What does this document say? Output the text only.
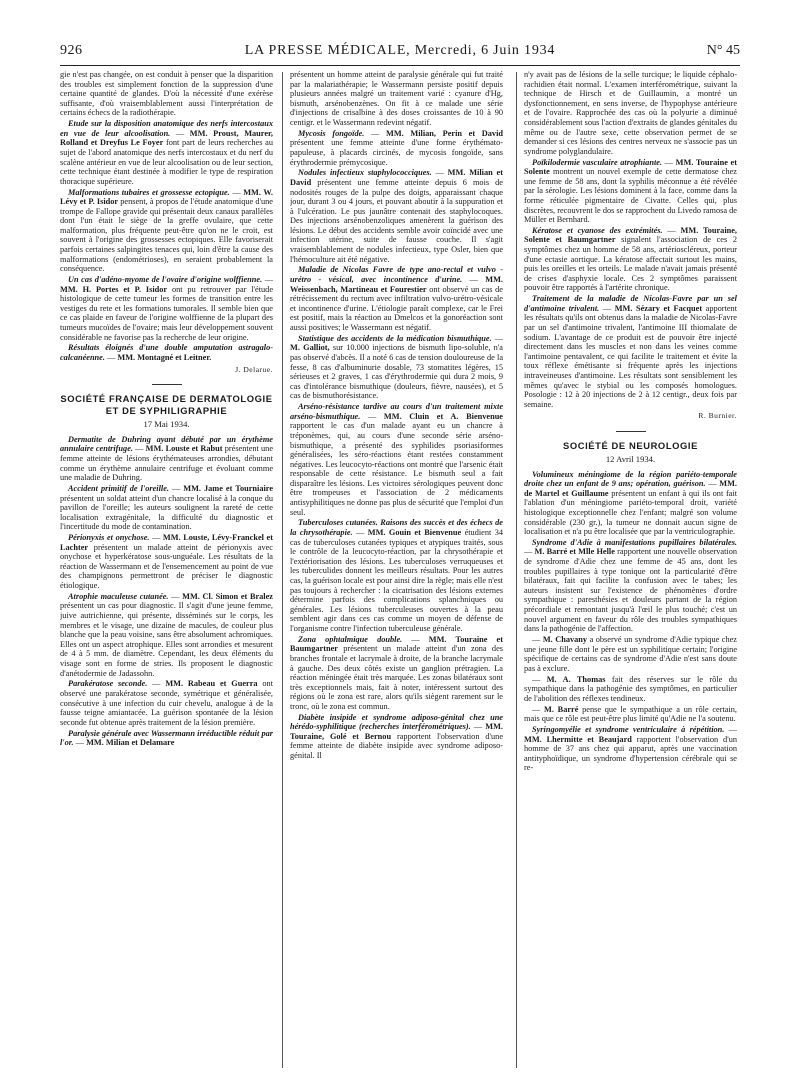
926	LA PRESSE MÉDICALE, Mercredi, 6 Juin 1934	N° 45

gie n'est pas changée, on est conduit à penser que la disparition des troubles est simplement fonction de la suppression d'une certaine quantité de glandes. D'où la nécessité d'une exérèse suffisante, d'où vraisemblablement aussi l'interprétation de certains échecs de la radiothérapie.

Etude sur la disposition anatomique des nerfs intercostaux en vue de leur alcoolisation. — MM. Proust, Maurer, Rolland et Dreyfus Le Foyer font part de leurs recherches au sujet de l'abord anatomique des nerfs intercostaux et du nerf du scalène antérieur en vue de leur alcoolisation ou de leur section, cette technique étant destinée à modifier le type de respiration thoracique supérieure.

Malformations tubaires et grossesse ectopique. — MM. W. Lévy et P. Isidor pensent, à propos de l'étude anatomique d'une trompe de Fallope gravide qui présentait deux canaux parallèles dont l'un était le siège de la greffe ovulaire, que cette malformation, plus fréquente peut-être qu'on ne le croit, est souvent à l'origine des grossesses ectopiques. Elle favoriserait parfois certaines salpingites tenaces qui, loin d'être la cause des malformations (endométrioses), en seraient probablement la conséquence.

Un cas d'adéno-myome de l'ovaire d'origine wolffienne. — MM. H. Portes et P. Isidor ont pu retrouver par l'étude histologique de cette tumeur les formes de transition entre les vestiges du rete et les formations tumorales. Il semble bien que ce cas plaide en faveur de l'origine wolffienne de la plupart des tumeurs mucoïdes de l'ovaire; mais leur développement souvent considérable ne favorise pas la recherche de leur origine.

Résultats éloignés d'une double amputation astragalo-calcanéenne. — MM. Montagné et Leitner.

J. Delarue.

SOCIÉTÉ FRANÇAISE DE DERMATOLOGIE ET DE SYPHILIGRAPHIE
17 Mai 1934.

Dermatite de Duhring ayant débuté par un érythème annulaire centrifuge. — MM. Louste et Rabut présentent une femme atteinte de lésions érythémateuses arrondies, débutant comme un érythème annulaire centrifuge et évoluant comme une maladie de Duhring.

Accident primitif de l'oreille. — MM. Jame et Tourniaire présentent un soldat atteint d'un chancre localisé à la conque du pavillon de l'oreille; les auteurs soulignent la rareté de cette localisation extragénitale, la difficulté du diagnostic et l'incertitude du mode de contamination.

Périonyxis et onychose. — MM. Louste, Lévy-Franckel et Lachter présentent un malade atteint de périonyxis avec onychose et hyperkératose sous-unguéale. Les résultats de la réaction de Wassermann et de l'ensemencement au point de vue des champignons permettront de préciser le diagnostic étiologique.

Atrophie maculeuse cutanée. — MM. Cl. Simon et Bralez présentent un cas pour diagnostic. Il s'agit d'une jeune femme, juive autrichienne, qui présente, disséminés sur le corps, les membres et le visage, une dizaine de macules, de couleur plus blanche que la peau voisine, sans être absolument achromiques. Elles ont un aspect atrophique. Elles sont arrondies et mesurent de 4 à 5 mm. de diamètre. Cependant, les deux éléments du visage sont en forme de stries. Ils proposent le diagnostic d'anétodermie de Jadassohn.

Parakératose seconde. — MM. Rabeau et Guerra ont observé une parakératose seconde, symétrique et généralisée, consécutive à une infection du cuir chevelu, analogue à de la fausse teigne amiantacée. La guérison spontanée de la lésion seconde fut obtenue après traitement de la lésion première.

Paralysie générale avec Wassermann irréductible réduit par l'or. — MM. Milian et Delamare

présentent un homme atteint de paralysie générale qui fut traité par la malariathérapie; le Wassermann persiste positif depuis plusieurs années malgré un traitement varié : cyanure d'Hg, bismuth, arsénobenzènes. On fit à ce malade une série d'injections de crisalbine à des doses croissantes de 10 à 90 centigr. et le Wassermann redevint négatif.

Mycosis fongoïde. — MM. Milian, Perin et David présentent une femme atteinte d'une forme érythémato-papuleuse, à placards circinés, de mycosis fongoïde, sans érythrodermie prémycosique.

Nodules infectieux staphylococciques. — MM. Milian et David présentent une femme atteinte depuis 6 mois de nodosités rouges de la pulpe des doigts, apparaissant chaque jour, durant 3 ou 4 jours, et pouvant aboutir à la suppuration et à l'ulcération. Le pus jaunâtre contenait des staphylocoques. Des injections arsénobenzoliques amenèrent la guérison des lésions. Le début des accidents semble avoir coïncidé avec une infection utérine, suite de fausse couche. Il s'agit vraisemblablement de nodules infectieux, type Osler, bien que l'hémoculture ait été négative.

Maladie de Nicolas Favre de type ano-rectal et vulvo - urétro - vésical, avec incontinence d'urine. — MM. Weissenbach, Martineau et Fourestier ont observé un cas de rétrécissement du rectum avec infiltration vulvo-urétro-vésicale et incontinence d'urine. L'étiologie paraît complexe, car le Frei est positif, mais la réaction au Dmelcos et la gonoréaction sont aussi positives; le Wassermann est négatif.

Statistique des accidents de la médication bismuthique. — M. Galliot, sur 10.000 injections de bismuth lipo-soluble, n'a pas observé d'abcès. Il a noté 6 cas de tension douloureuse de la fesse, 8 cas d'albuminurie dosable, 73 stomatites légères, 15 sérieuses et 2 graves, 1 cas d'érythrodermie qui dura 2 mois, 9 cas d'intolérance bismuthique (douleurs, fièvre, nausées), et 5 cas de bismuthorésistance.

Arséno-résistance tardive au cours d'un traitement mixte arséno-bismuthique. — MM. Cluin et A. Bienvenue rapportent le cas d'un malade ayant eu un chancre à tréponèmes, qui, au cours d'une seconde série arséno-bismuthique, a présenté des syphilides psoriasiformes généralisées, les séro-réactions étant restées constamment négatives. Les leucocyto-réactions ont montré que l'arsenic était responsable de cette résistance. Le bismuth seul a fait disparaître les lésions. Les victoires sérologiques peuvent donc être trompeuses et l'association de 2 médicaments antisyphilitiques ne donne pas plus de sécurité que l'emploi d'un seul.

Tuberculoses cutanées. Raisons des succès et des échecs de la chrysothérapie. — MM. Gouin et Bienvenue étudient 34 cas de tuberculoses cutanées typiques et atypiques traités, sous le contrôle de la leucocyto-réaction, par la chrysothérapie et l'extériorisation des lésions. Les tuberculoses verruqueuses et les tuberculides donnent les meilleurs résultats. Pour les autres cas, la guérison locale est pour ainsi dire la règle; mais elle n'est pas toujours à rechercher : la cicatrisation des lésions externes détermine parfois des complications splanchniques ou générales. Les lésions tuberculeuses ouvertes à la peau semblent agir dans ces cas comme un moyen de défense de l'organisme contre l'infection tuberculeuse générale.

Zona ophtalmique double. — MM. Touraine et Baumgartner présentent un malade atteint d'un zona des branches frontale et lacrymale à droite, de la branche lacrymale à gauche. Des deux côtés existe un ganglion prétragien. La réaction méningée était très marquée. Les zonas bilatéraux sont très exceptionnels mais, fait à noter, intéressent surtout des régions où le zona est rare, alors qu'ils siègent rarement sur le tronc, où le zona est commun.

Diabète insipide et syndrome adiposo-génital chez une hérédo-syphilitique (recherches interférométriques). — MM. Touraine, Golé et Bernou rapportent l'observation d'une femme atteinte de diabète insipide avec syndrome adiposo-génital. Il

n'y avait pas de lésions de la selle turcique; le liquide céphalo-rachidien était normal. L'examen interférométrique, suivant la technique de Hirsch et de Guillaumin, a montré un dysfonctionnement, en sens inverse, de l'hypophyse antérieure et de l'ovaire. Rapprochée des cas où la polyurie a diminué considérablement sous l'action d'extraits de glandes génitales du même ou de l'autre sexe, cette observation permet de se demander si ces lésions des centres nerveux ne s'associe pas un syndrome polyglandulaire.

Poïkilodermie vasculaire atrophiante. — MM. Touraine et Solente montrent un nouvel exemple de cette dermatose chez une femme de 58 ans, dont la syphilis méconnue a été révélée par la sérologie. Les lésions dominent à la face, comme dans la forme réticulée pigmentaire de Civatte. Celles qui, plus discrètes, recouvrent le dos se rapprochent du Livedo ramosa de Müller et Bernhard.

Kératose et cyanose des extrémités. — MM. Touraine, Solente et Baumgartner signalent l'association de ces 2 symptômes chez un homme de 58 ans, artérioscléreux, porteur d'une ectasie aortique. La kératose affectait surtout les mains, puis les oreilles et les orteils. Le malade n'avait jamais présenté de crises d'asphyxie locale. Ces 2 symptômes paraissent pouvoir être rapportés à l'artérite chronique.

Traitement de la maladie de Nicolas-Favre par un sel d'antimoine trivalent. — MM. Sézary et Facquet apportent les résultats qu'ils ont obtenus dans la maladie de Nicolas-Favre par un sel d'antimoine trivalent, l'antimoine III thiomalate de sodium. L'avantage de ce produit est de pouvoir être injecté directement dans les muscles et non dans les veines comme l'antimoine pentavalent, ce qui facilite le traitement et évite la toux réflexe émétisante si fréquente après les injections intraveineuses d'antimoine. Les résultats sont sensiblement les mêmes qu'avec le stybial ou les composés homologues. Posologie : 12 à 20 injections de 2 à 12 centigr., deux fois par semaine.

R. Burnier.

SOCIÉTÉ DE NEUROLOGIE
12 Avril 1934.

Volumineux méningiome de la région pariéto-temporale droite chez un enfant de 9 ans; opération, guérison. — MM. de Martel et Guillaume présentent un enfant à qui ils ont fait l'ablation d'un méningiome pariéto-temporal droit, variété histologique exceptionnelle chez l'enfant; malgré son volume considérable (230 gr.), la tumeur ne donnait aucun signe de localisation et n'a pu être localisée que par la ventriculographie.

Syndrome d'Adie à manifestations pupillaires bilatérales. — M. Barré et Mlle Helle rapportent une nouvelle observation de syndrome d'Adie chez une femme de 45 ans, dont les troubles pupillaires à type tonique ont la particularité d'être bilatéraux, fait qui facilite la confusion avec le tabes; les auteurs insistent sur l'existence de phénomènes d'ordre sympathique : paresthésies et douleurs partant de la région précordiale et remontant jusqu'à l'œil le plus touché; c'est un nouvel argument en faveur du rôle des troubles sympathiques dans la pathogénie de l'affection.

— M. Chavany a observé un syndrome d'Adie typique chez une jeune fille dont le père est un syphilitique certain; l'origine spécifique de certains cas de syndrome d'Adie n'est sans doute pas à exclure.

— M. A. Thomas fait des réserves sur le rôle du sympathique dans la pathogénie des symptômes, en particulier de l'abolition des réflexes tendineux.

— M. Barré pense que le sympathique a un rôle certain, mais que ce rôle est peut-être plus limité qu'Adie ne l'a soutenu.

Syringomyélie et syndrome ventriculaire à répétition. — MM. Lhermitte et Beaujard rapportent l'observation d'un homme de 37 ans chez qui apparut, après une vaccination antityphoïdique, un syndrome d'hypertension cérébrale qui se re-
